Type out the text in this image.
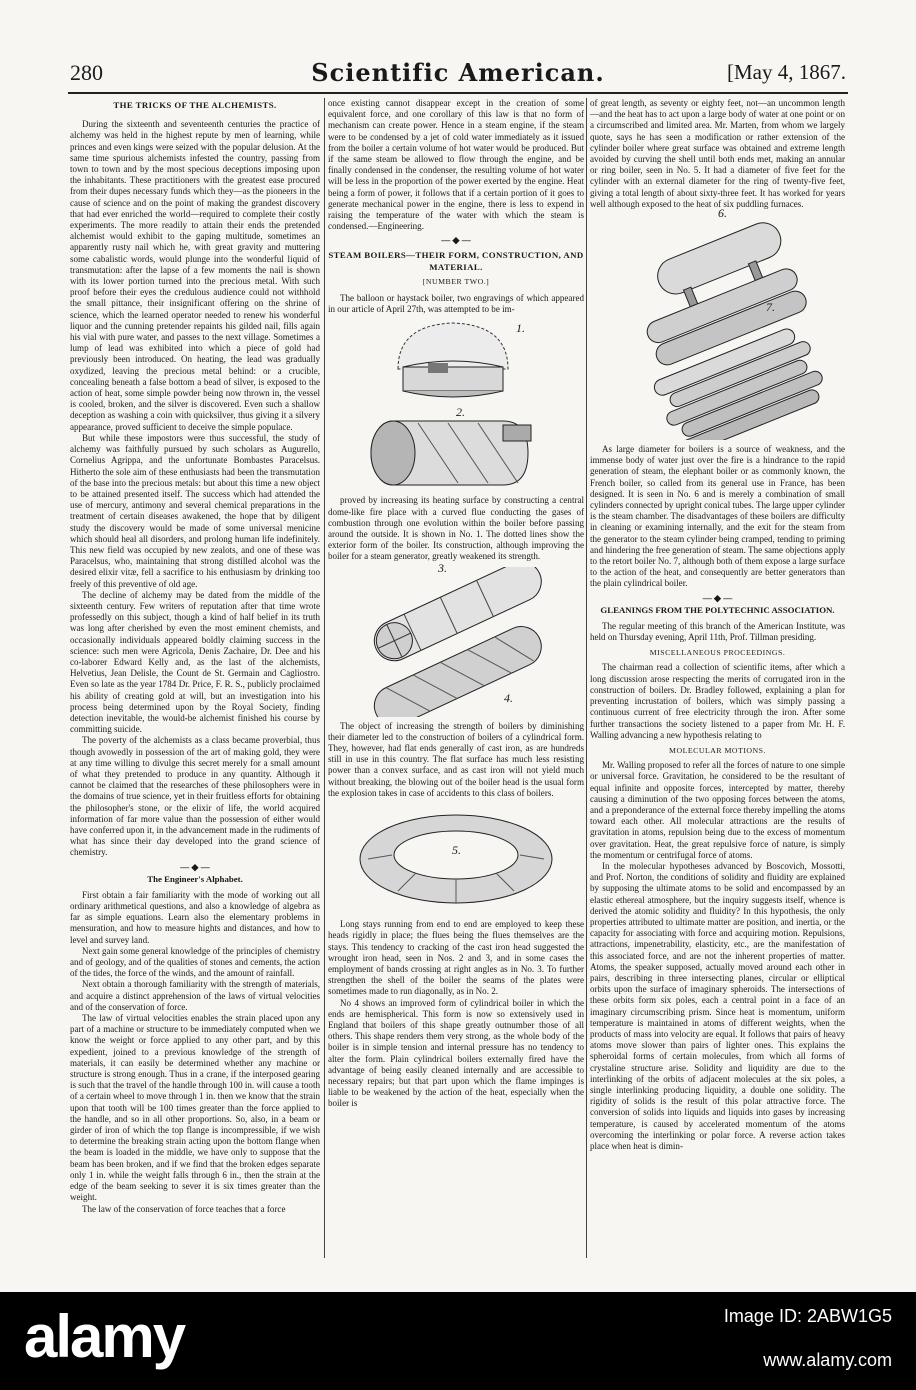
280	Scientific American.	[May 4, 1867.
THE TRICKS OF THE ALCHEMISTS.

During the sixteenth and seventeenth centuries the practice of alchemy was held in the highest repute by men of learning, while princes and even kings were seized with the popular delusion. At the same time spurious alchemists infested the country, passing from town to town and by the most specious deceptions imposing upon the inhabitants. These practitioners with the greatest ease procured from their dupes necessary funds which they—as the pioneers in the cause of science and on the point of making the grandest discovery that had ever enriched the world—required to complete their costly experiments. The more readily to attain their ends the pretended alchemist would exhibit to the gaping multitude, sometimes an apparently rusty nail which he, with great gravity and muttering some cabalistic words, would plunge into the wonderful liquid of transmutation: after the lapse of a few moments the nail is shown with its lower portion turned into the precious metal. With such proof before their eyes the credulous audience could not withhold the small pittance, their insignificant offering on the shrine of science, which the learned operator needed to renew his wonderful liquor and the cunning pretender repaints his gilded nail, fills again his vial with pure water, and passes to the next village. Sometimes a lump of lead was exhibited into which a piece of gold had previously been introduced. On heating, the lead was gradually oxydized, leaving the precious metal behind: or a crucible, concealing beneath a false bottom a bead of silver, is exposed to the action of heat, some simple powder being now thrown in, the vessel is cooled, broken, and the silver is discovered. Even such a shallow deception as washing a coin with quicksilver, thus giving it a silvery appearance, proved sufficient to deceive the simple populace.

But while these impostors were thus successful, the study of alchemy was faithfully pursued by such scholars as Augurello, Cornelius Agrippa, and the unfortunate Bombastes Paracelsus. Hitherto the sole aim of these enthusiasts had been the transmutation of the base into the precious metals: but about this time a new object to be attained presented itself. The success which had attended the use of mercury, antimony and several chemical preparations in the treatment of certain diseases awakened, the hope that by diligent study the discovery would be made of some universal menicine which should heal all disorders, and prolong human life indefinitely. This new field was occupied by new zealots, and one of these was Paracelsus, who, maintaining that strong distilled alcohol was the desired elixir vitæ, fell a sacrifice to his enthusiasm by drinking too freely of this preventive of old age.

The decline of alchemy may be dated from the middle of the sixteenth century. Few writers of reputation after that time wrote professedly on this subject, though a kind of half belief in its truth was long after cherished by even the most eminent chemists, and occasionally individuals appeared boldly claiming success in the science: such men were Agricola, Denis Zachaire, Dr. Dee and his co-laborer Edward Kelly and, as the last of the alchemists, Helvetius, Jean Delisle, the Count de St. Germain and Cagliostro. Even so late as the year 1784 Dr. Price, F. R. S., publicly proclaimed his ability of creating gold at will, but an investigation into his process being determined upon by the Royal Society, finding detection inevitable, the would-be alchemist finished his course by committing suicide.

The poverty of the alchemists as a class became proverbial, thus though avowedly in possession of the art of making gold, they were at any time willing to divulge this secret merely for a small amount of what they pretended to produce in any quantity. Although it cannot be claimed that the researches of these philosophers were in the domains of true science, yet in their fruitless efforts for obtaining the philosopher's stone, or the elixir of life, the world acquired information of far more value than the possession of either would have conferred upon it, in the advancement made in the rudiments of what has since their day developed into the grand science of chemistry.

— ◆ —
The Engineer's Alphabet.

First obtain a fair familiarity with the mode of working out all ordinary arithmetical questions, and also a knowledge of algebra as far as simple equations. Learn also the elementary problems in mensuration, and how to measure hights and distances, and how to level and survey land.

Next gain some general knowledge of the principles of chemistry and of geology, and of the qualities of stones and cements, the action of the tides, the force of the winds, and the amount of rainfall.

Next obtain a thorough familiarity with the strength of materials, and acquire a distinct apprehension of the laws of virtual velocities and of the conservation of force.

The law of virtual velocities enables the strain placed upon any part of a machine or structure to be immediately computed when we know the weight or force applied to any other part, and by this expedient, joined to a previous knowledge of the strength of materials, it can easily be determined whether any machine or structure is strong enough. Thus in a crane, if the interposed gearing is such that the travel of the handle through 100 in. will cause a tooth of a certain wheel to move through 1 in. then we know that the strain upon that tooth will be 100 times greater than the force applied to the handle, and so in all other proportions. So, also, in a beam or girder of iron of which the top flange is incompressible, if we wish to determine the breaking strain acting upon the bottom flange when the beam is loaded in the middle, we have only to suppose that the beam has been broken, and if we find that the broken edges separate only 1 in. while the weight falls through 6 in., then the strain at the edge of the beam seeking to sever it is six times greater than the weight.

The law of the conservation of force teaches that a force

once existing cannot disappear except in the creation of some equivalent force, and one corollary of this law is that no form of mechanism can create power. Hence in a steam engine, if the steam were to be condensed by a jet of cold water immediately as it issued from the boiler a certain volume of hot water would be produced. But if the same steam be allowed to flow through the engine, and be finally condensed in the condenser, the resulting volume of hot water will be less in the proportion of the power exerted by the engine. Heat being a form of power, it follows that if a certain portion of it goes to generate mechanical power in the engine, there is less to expend in raising the temperature of the water with which the steam is condensed.—Engineering.

— ◆ —
STEAM BOILERS—THEIR FORM, CONSTRUCTION, AND MATERIAL.
[NUMBER TWO.]

The balloon or haystack boiler, two engravings of which appeared in our article of April 27th, was attempted to be im-

1.
2.

proved by increasing its heating surface by constructing a central dome-like fire place with a curved flue conducting the gases of combustion through one evolution within the boiler before passing around the outside. It is shown in No. 1. The dotted lines show the exterior form of the boiler. Its construction, although improving the boiler for a steam generator, greatly weakened its strength.

3.
4.

The object of increasing the strength of boilers by diminishing their diameter led to the construction of boilers of a cylindrical form. They, however, had flat ends generally of cast iron, as are hundreds still in use in this country. The flat surface has much less resisting power than a convex surface, and as cast iron will not yield much without breaking, the blowing out of the boiler head is the usual form the explosion takes in case of accidents to this class of boilers.

5.

Long stays running from end to end are employed to keep these heads rigidly in place; the flues being the flues themselves are the stays. This tendency to cracking of the cast iron head suggested the wrought iron head, seen in Nos. 2 and 3, and in some cases the employment of bands crossing at right angles as in No. 3. To further strengthen the shell of the boiler the seams of the plates were sometimes made to run diagonally, as in No. 2.

No 4 shows an improved form of cylindrical boiler in which the ends are hemispherical. This form is now so extensively used in England that boilers of this shape greatly outnumber those of all others. This shape renders them very strong, as the whole body of the boiler is in simple tension and internal pressure has no tendency to alter the form. Plain cylindrical boilers externally fired have the advantage of being easily cleaned internally and are accessible to necessary repairs; but that part upon which the flame impinges is liable to be weakened by the action of the heat, especially when the boiler is

of great length, as seventy or eighty feet, not—an uncommon length—and the heat has to act upon a large body of water at one point or on a circumscribed and limited area. Mr. Marten, from whom we largely quote, says he has seen a modification or rather extension of the cylinder boiler where great surface was obtained and extreme length avoided by curving the shell until both ends met, making an annular or ring boiler, seen in No. 5. It had a diameter of five feet for the cylinder with an external diameter for the ring of twenty-five feet, giving a total length of about sixty-three feet. It has worked for years well although exposed to the heat of six puddling furnaces.

6.
7.

As large diameter for boilers is a source of weakness, and the immense body of water just over the fire is a hindrance to the rapid generation of steam, the elephant boiler or as commonly known, the French boiler, so called from its general use in France, has been designed. It is seen in No. 6 and is merely a combination of small cylinders connected by upright conical tubes. The large upper cylinder is the steam chamber. The disadvantages of these boilers are difficulty in cleaning or examining internally, and the exit for the steam from the generator to the steam cylinder being cramped, tending to priming and hindering the free generation of steam. The same objections apply to the retort boiler No. 7, although both of them expose a large surface to the action of the heat, and consequently are better generators than the plain cylindrical boiler.

— ◆ —
GLEANINGS FROM THE POLYTECHNIC ASSOCIATION.

The regular meeting of this branch of the American Institute, was held on Thursday evening, April 11th, Prof. Tillman presiding.

MISCELLANEOUS PROCEEDINGS.

The chairman read a collection of scientific items, after which a long discussion arose respecting the merits of corrugated iron in the construction of boilers. Dr. Bradley followed, explaining a plan for preventing incrustation of boilers, which was simply passing a continuous current of free electricity through the iron. After some further transactions the society listened to a paper from Mr. H. F. Walling advancing a new hypothesis relating to

MOLECULAR MOTIONS.

Mr. Walling proposed to refer all the forces of nature to one simple or universal force. Gravitation, he considered to be the resultant of equal infinite and opposite forces, intercepted by matter, thereby causing a diminution of the two opposing forces between the atoms, and a preponderance of the external force thereby impelling the atoms toward each other. All molecular attractions are the results of gravitation in atoms, repulsion being due to the excess of momentum over gravitation. Heat, the great repulsive force of nature, is simply the momentum or centrifugal force of atoms.

In the molecular hypotheses advanced by Boscovich, Mossotti, and Prof. Norton, the conditions of solidity and fluidity are explained by supposing the ultimate atoms to be solid and encompassed by an elastic ethereal atmosphere, but the inquiry suggests itself, whence is derived the atomic solidity and fluidity? In this hypothesis, the only properties attributed to ultimate matter are position, and inertia, or the capacity for associating with force and acquiring motion. Repulsions, attractions, impenetrability, elasticity, etc., are the manifestation of this associated force, and are not the inherent properties of matter. Atoms, the speaker supposed, actually moved around each other in pairs, describing in three intersecting planes, circular or elliptical orbits upon the surface of imaginary spheroids. The intersections of these orbits form six poles, each a central point in a face of an imaginary circumscribing prism. Since heat is momentum, uniform temperature is maintained in atoms of different weights, when the products of mass into velocity are equal. It follows that pairs of heavy atoms move slower than pairs of lighter ones. This explains the spheroidal forms of certain molecules, from which all forms of crystaline structure arise. Solidity and liquidity are due to the interlinking of the orbits of adjacent molecules at the six poles, a single interlinking producing liquidity, a double one solidity. The rigidity of solids is the result of this polar attractive force. The conversion of solids into liquids and liquids into gases by increasing temperature, is caused by accelerated momentum of the atoms overcoming the interlinking or polar force. A reverse action takes place when heat is dimin-

alamy	Image ID: 2ABW1G5
www.alamy.com
